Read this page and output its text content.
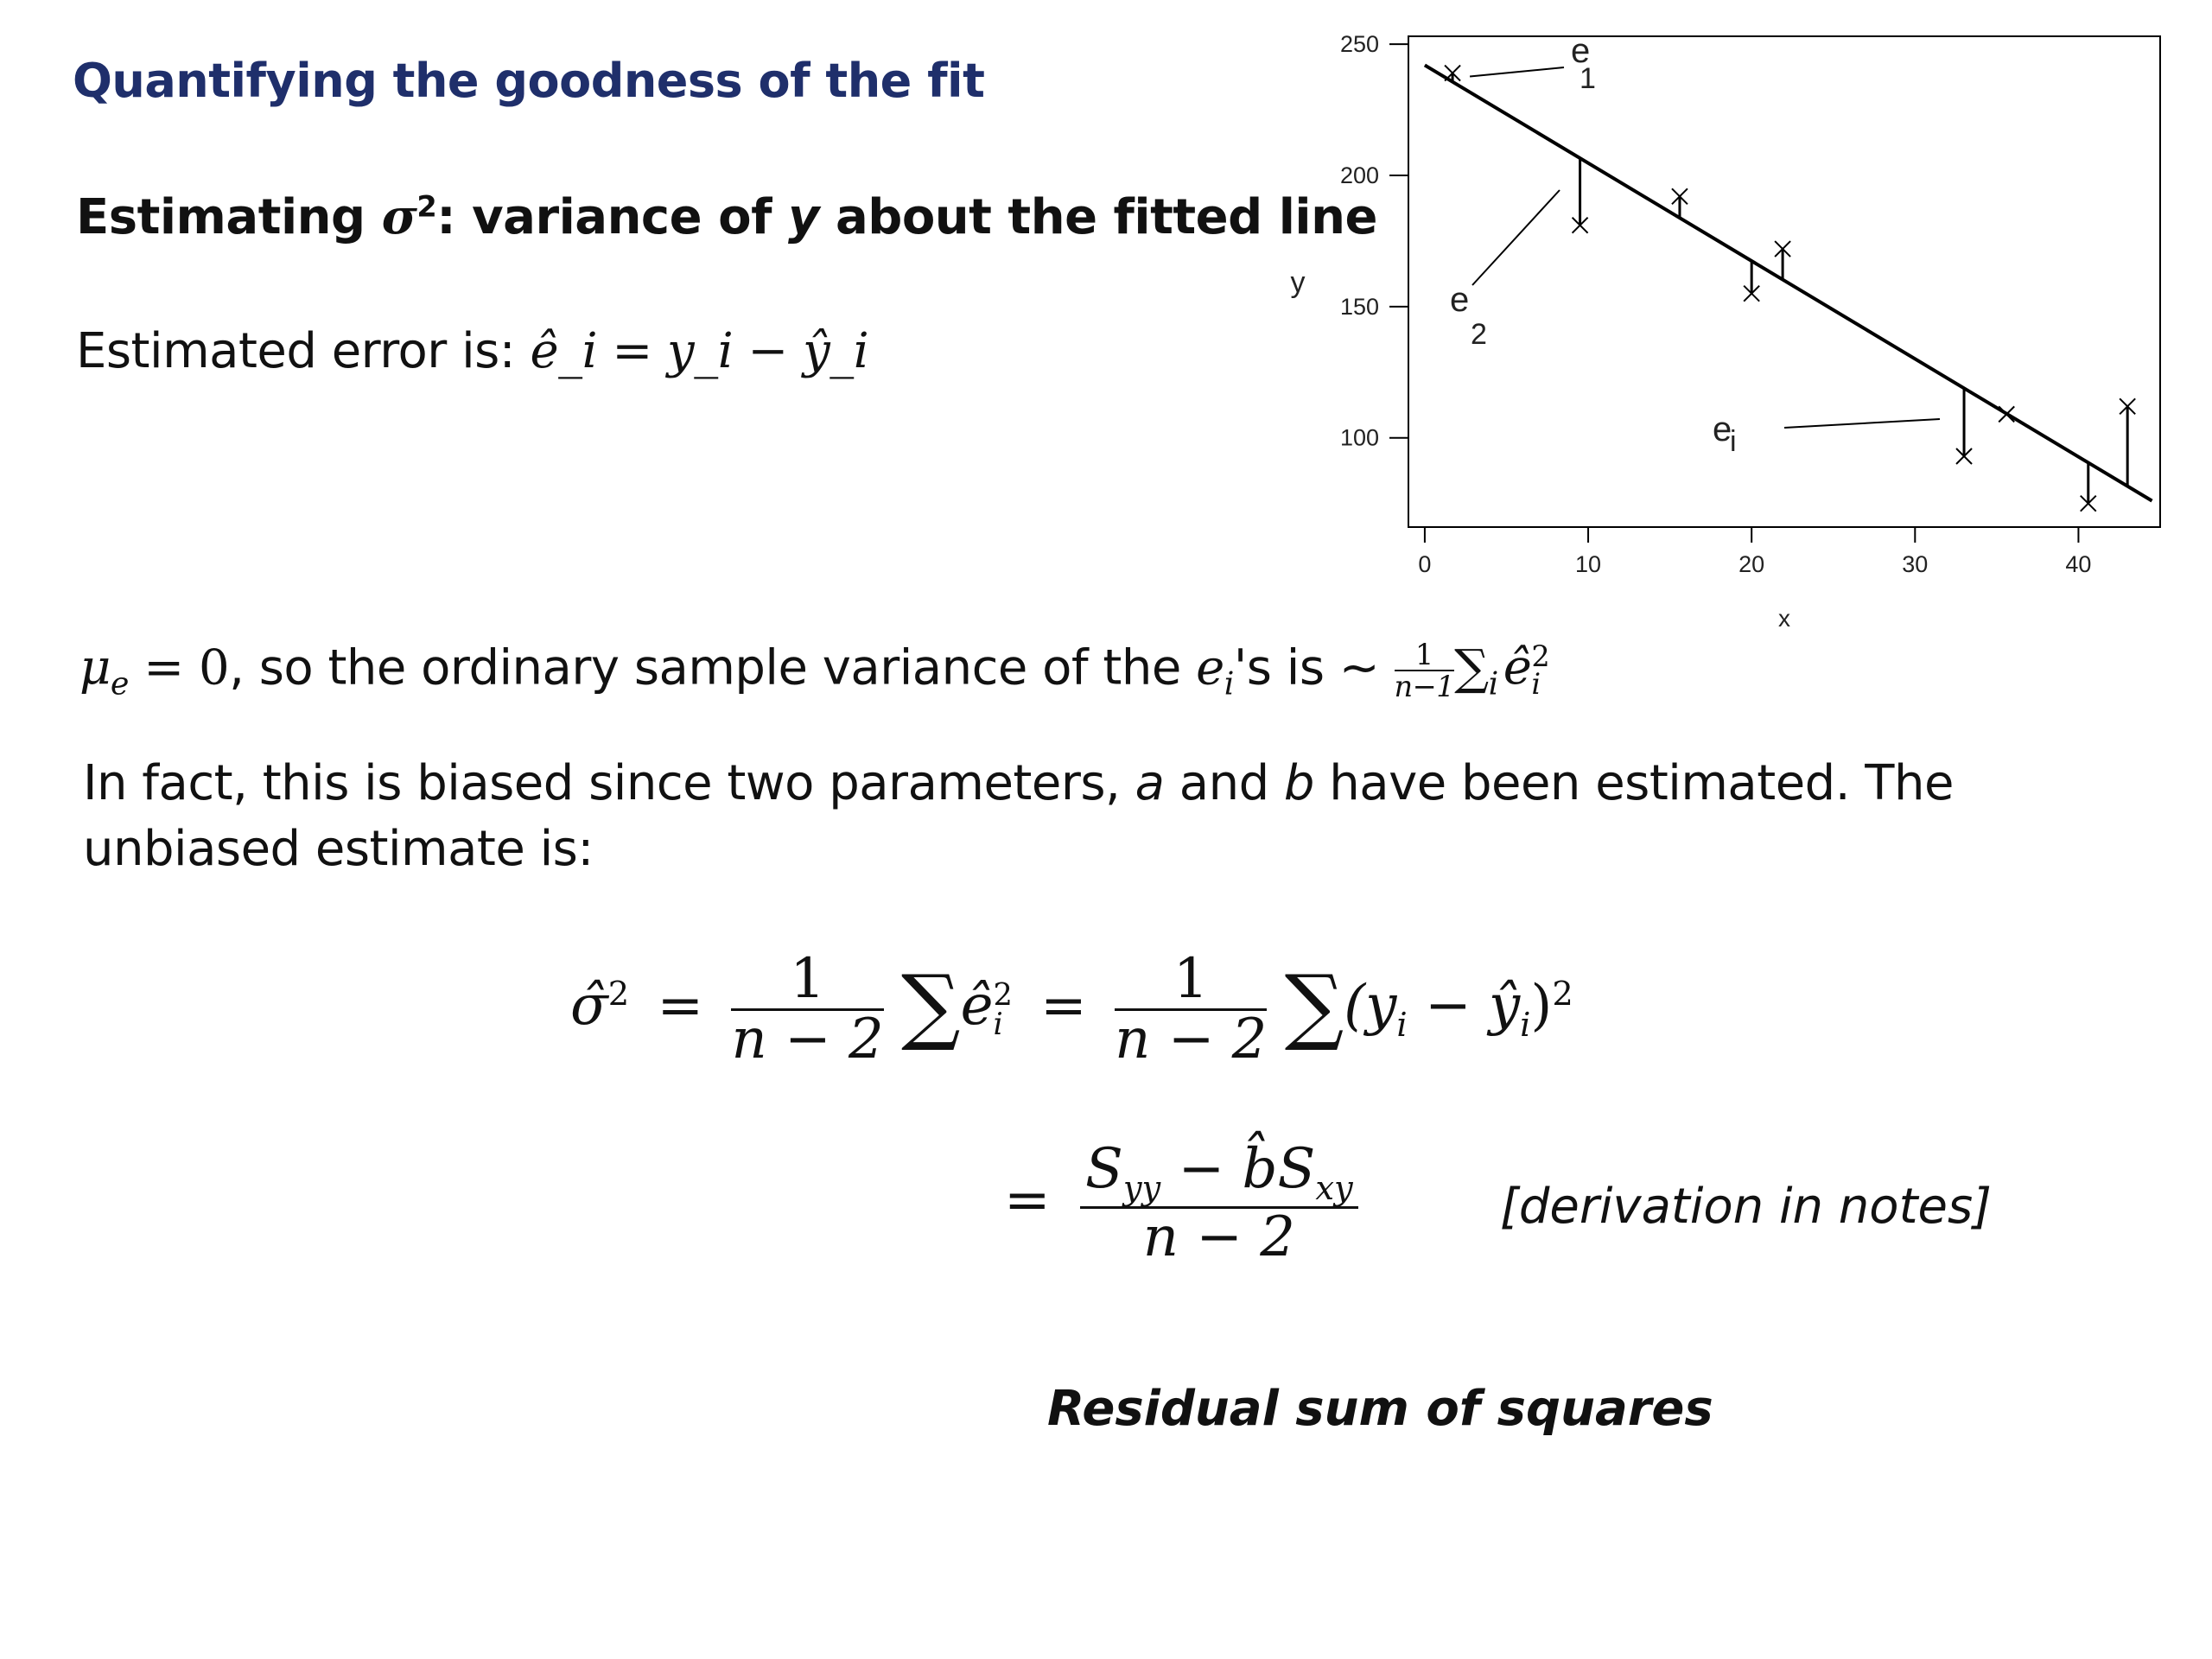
Quantifying the goodness of the fit
Estimating $\sigma^2$: variance of y about the fitted line
Estimated error is: ê_i = y_i − ŷ_i
$\mu_e = 0$, so the ordinary sample variance of the $e_i's$ is ~ $\frac{1}{n-1} \sum_i$ ê 2
i
In fact, this is biased since two parameters, a and b have been estimated. The
unbiased estimate is:
σ̂$^2$ = $\frac{1}{n - 2}$ ∑ê 2
$i = \frac{1}{n - 2} \sum(y_i$ − $ŷ_i)^2$
= $\frac{S_{yy} - b̂S_{xy}}{n - 2}$	[derivation in notes]
Residual sum of squares
100
150
200
250
0	10	20	30	40
x
y
e
1
e
2
e
i
